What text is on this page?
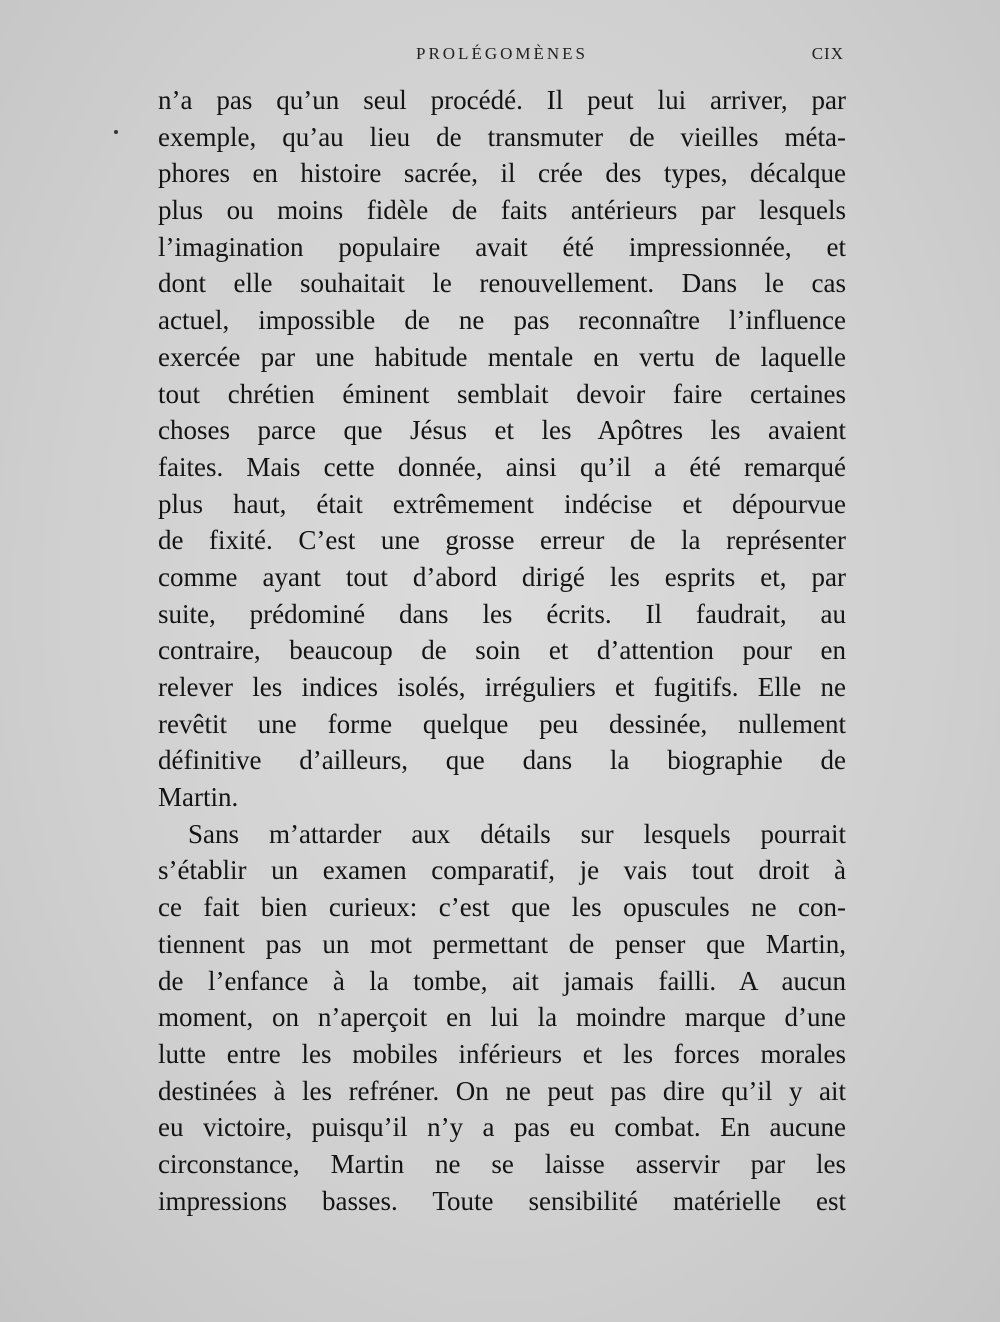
PROLÉGOMÈNES	CIX
n’a pas qu’un seul procédé. Il peut lui arriver, par
exemple, qu’au lieu de transmuter de vieilles méta-
phores en histoire sacrée, il crée des types, décalque
plus ou moins fidèle de faits antérieurs par lesquels
l’imagination populaire avait été impressionnée, et
dont elle souhaitait le renouvellement. Dans le cas
actuel, impossible de ne pas reconnaître l’influence
exercée par une habitude mentale en vertu de laquelle
tout chrétien éminent semblait devoir faire certaines
choses parce que Jésus et les Apôtres les avaient
faites. Mais cette donnée, ainsi qu’il a été remarqué
plus haut, était extrêmement indécise et dépourvue
de fixité. C’est une grosse erreur de la représenter
comme ayant tout d’abord dirigé les esprits et, par
suite, prédominé dans les écrits. Il faudrait, au
contraire, beaucoup de soin et d’attention pour en
relever les indices isolés, irréguliers et fugitifs. Elle ne
revêtit une forme quelque peu dessinée, nullement
définitive d’ailleurs, que dans la biographie de
Martin.
Sans m’attarder aux détails sur lesquels pourrait
s’établir un examen comparatif, je vais tout droit à
ce fait bien curieux: c’est que les opuscules ne con-
tiennent pas un mot permettant de penser que Martin,
de l’enfance à la tombe, ait jamais failli. A aucun
moment, on n’aperçoit en lui la moindre marque d’une
lutte entre les mobiles inférieurs et les forces morales
destinées à les refréner. On ne peut pas dire qu’il y ait
eu victoire, puisqu’il n’y a pas eu combat. En aucune
circonstance, Martin ne se laisse asservir par les
impressions basses. Toute sensibilité matérielle est
